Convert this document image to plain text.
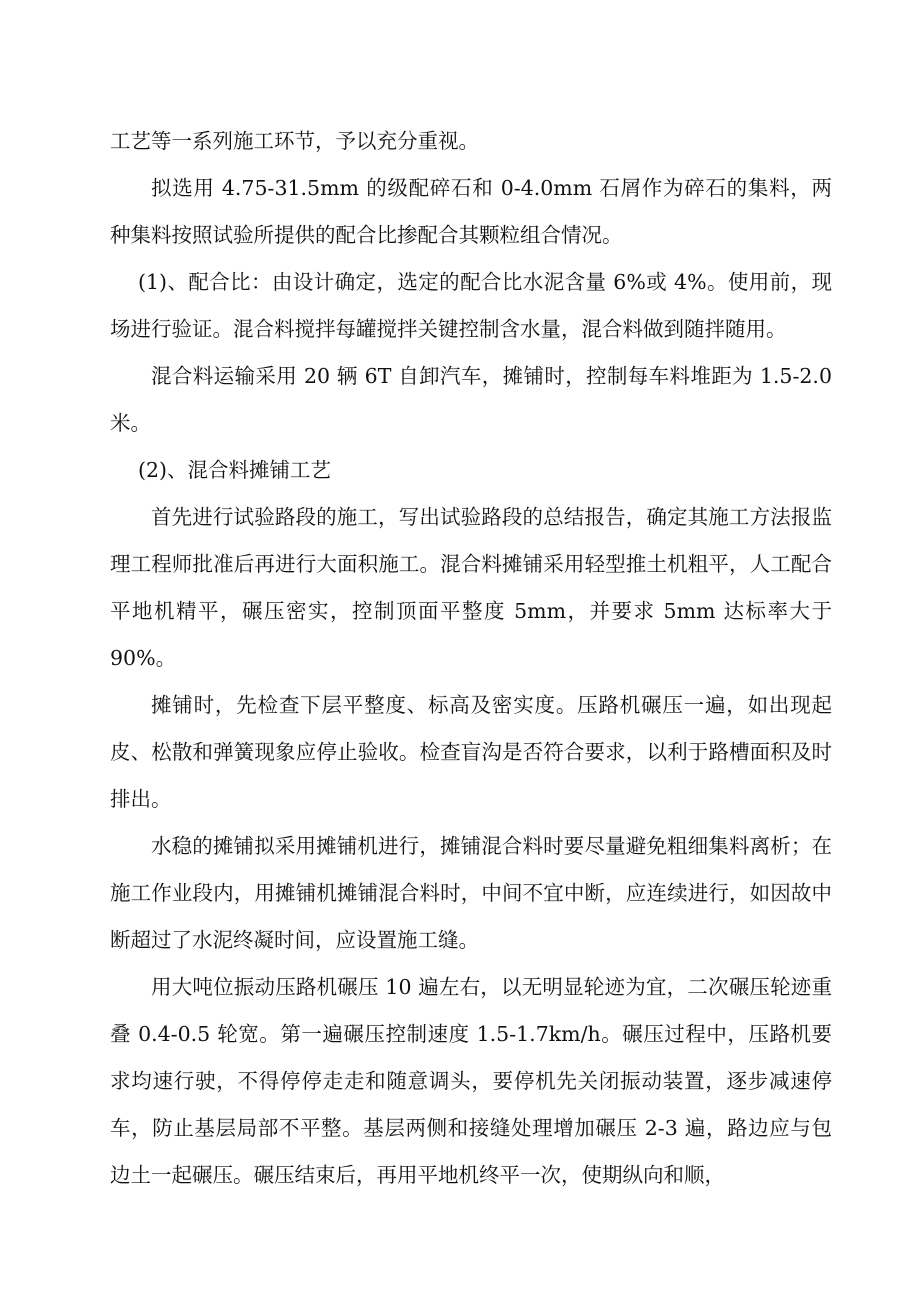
工艺等一系列施工环节，予以充分重视。

拟选用 4.75-31.5mm 的级配碎石和 0-4.0mm 石屑作为碎石的集料，两种集料按照试验所提供的配合比掺配合其颗粒组合情况。

(1)、配合比：由设计确定，选定的配合比水泥含量 6%或 4%。使用前，现场进行验证。混合料搅拌每罐搅拌关键控制含水量，混合料做到随拌随用。

混合料运输采用 20 辆 6T 自卸汽车，摊铺时，控制每车料堆距为 1.5-2.0 米。

(2)、混合料摊铺工艺

首先进行试验路段的施工，写出试验路段的总结报告，确定其施工方法报监理工程师批准后再进行大面积施工。混合料摊铺采用轻型推土机粗平，人工配合平地机精平，碾压密实，控制顶面平整度 5mm，并要求 5mm 达标率大于 90%。

摊铺时，先检查下层平整度、标高及密实度。压路机碾压一遍，如出现起皮、松散和弹簧现象应停止验收。检查盲沟是否符合要求，以利于路槽面积及时排出。

水稳的摊铺拟采用摊铺机进行，摊铺混合料时要尽量避免粗细集料离析；在施工作业段内，用摊铺机摊铺混合料时，中间不宜中断，应连续进行，如因故中断超过了水泥终凝时间，应设置施工缝。

用大吨位振动压路机碾压 10 遍左右，以无明显轮迹为宜，二次碾压轮迹重叠 0.4-0.5 轮宽。第一遍碾压控制速度 1.5-1.7km/h。碾压过程中，压路机要求均速行驶，不得停停走走和随意调头，要停机先关闭振动装置，逐步减速停车，防止基层局部不平整。基层两侧和接缝处理增加碾压 2-3 遍，路边应与包边土一起碾压。碾压结束后，再用平地机终平一次，使期纵向和顺，
